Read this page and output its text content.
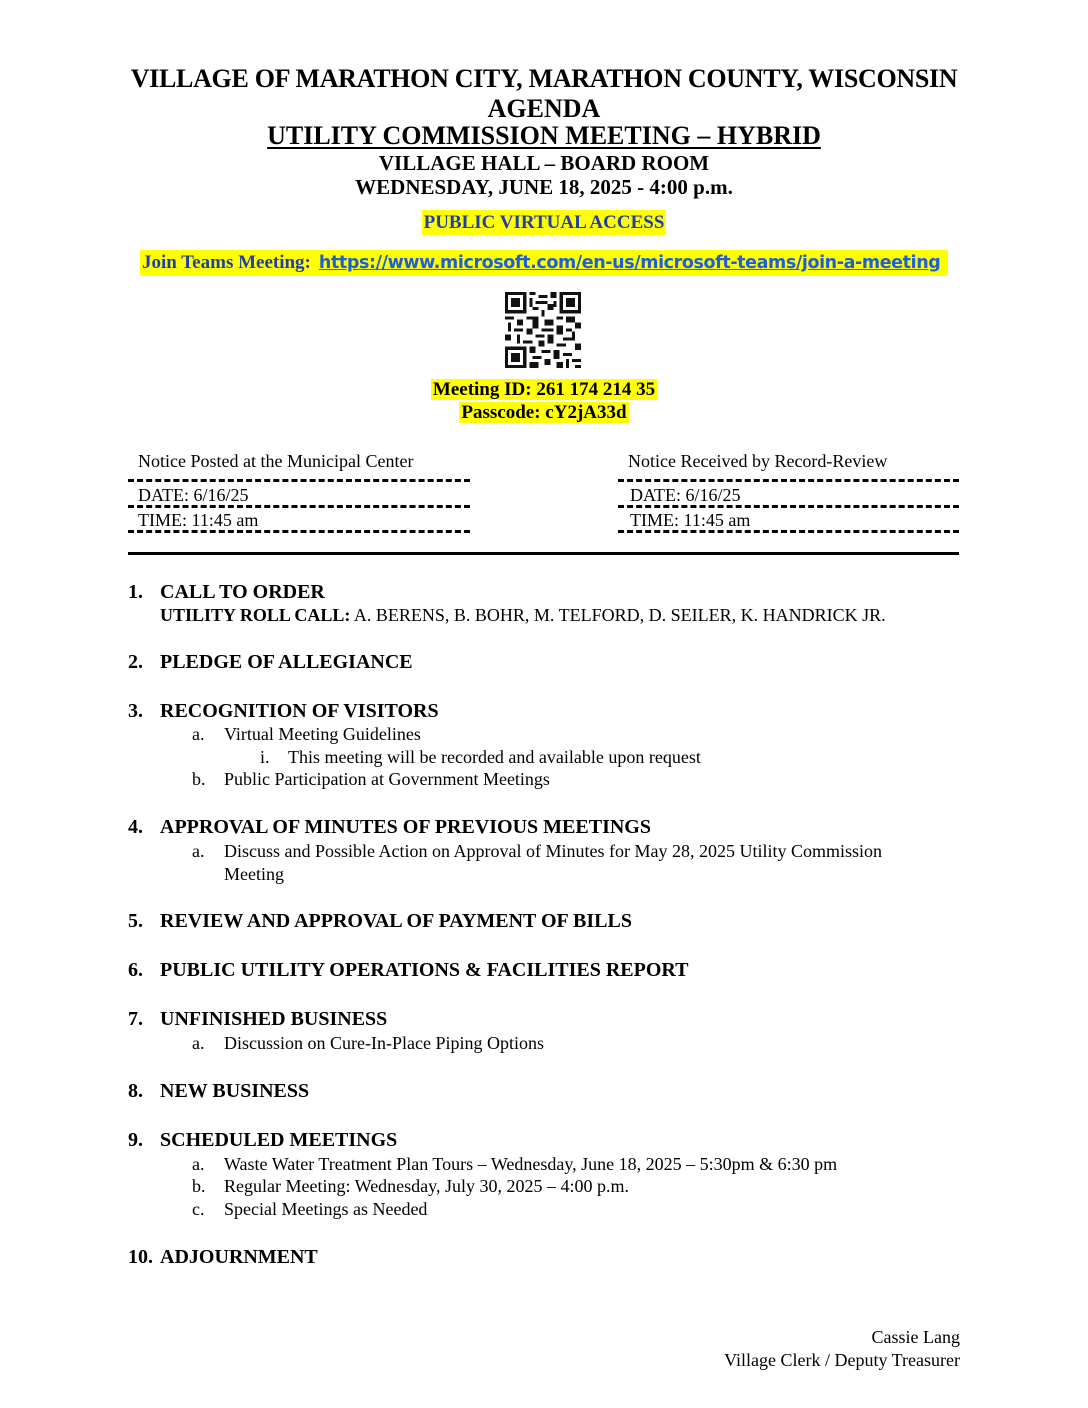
VILLAGE OF MARATHON CITY, MARATHON COUNTY, WISCONSIN
AGENDA
UTILITY COMMISSION MEETING – HYBRID
VILLAGE HALL – BOARD ROOM
WEDNESDAY, JUNE 18, 2025 - 4:00 p.m.
PUBLIC VIRTUAL ACCESS
Join Teams Meeting: https://www.microsoft.com/en-us/microsoft-teams/join-a-meeting
Meeting ID: 261 174 214 35
Passcode: cY2jA33d
Notice Posted at the Municipal Center
DATE: 6/16/25
TIME: 11:45 am
Notice Received by Record-Review
DATE: 6/16/25
TIME: 11:45 am
1. CALL TO ORDER
UTILITY ROLL CALL: A. BERENS, B. BOHR, M. TELFORD, D. SEILER, K. HANDRICK JR.
2. PLEDGE OF ALLEGIANCE
3. RECOGNITION OF VISITORS
a. Virtual Meeting Guidelines
i. This meeting will be recorded and available upon request
b. Public Participation at Government Meetings
4. APPROVAL OF MINUTES OF PREVIOUS MEETINGS
a. Discuss and Possible Action on Approval of Minutes for May 28, 2025 Utility Commission
Meeting
5. REVIEW AND APPROVAL OF PAYMENT OF BILLS
6. PUBLIC UTILITY OPERATIONS & FACILITIES REPORT
7. UNFINISHED BUSINESS
a. Discussion on Cure-In-Place Piping Options
8. NEW BUSINESS
9. SCHEDULED MEETINGS
a. Waste Water Treatment Plan Tours – Wednesday, June 18, 2025 – 5:30pm & 6:30 pm
b. Regular Meeting: Wednesday, July 30, 2025 – 4:00 p.m.
c. Special Meetings as Needed
10. ADJOURNMENT
Cassie Lang
Village Clerk / Deputy Treasurer
